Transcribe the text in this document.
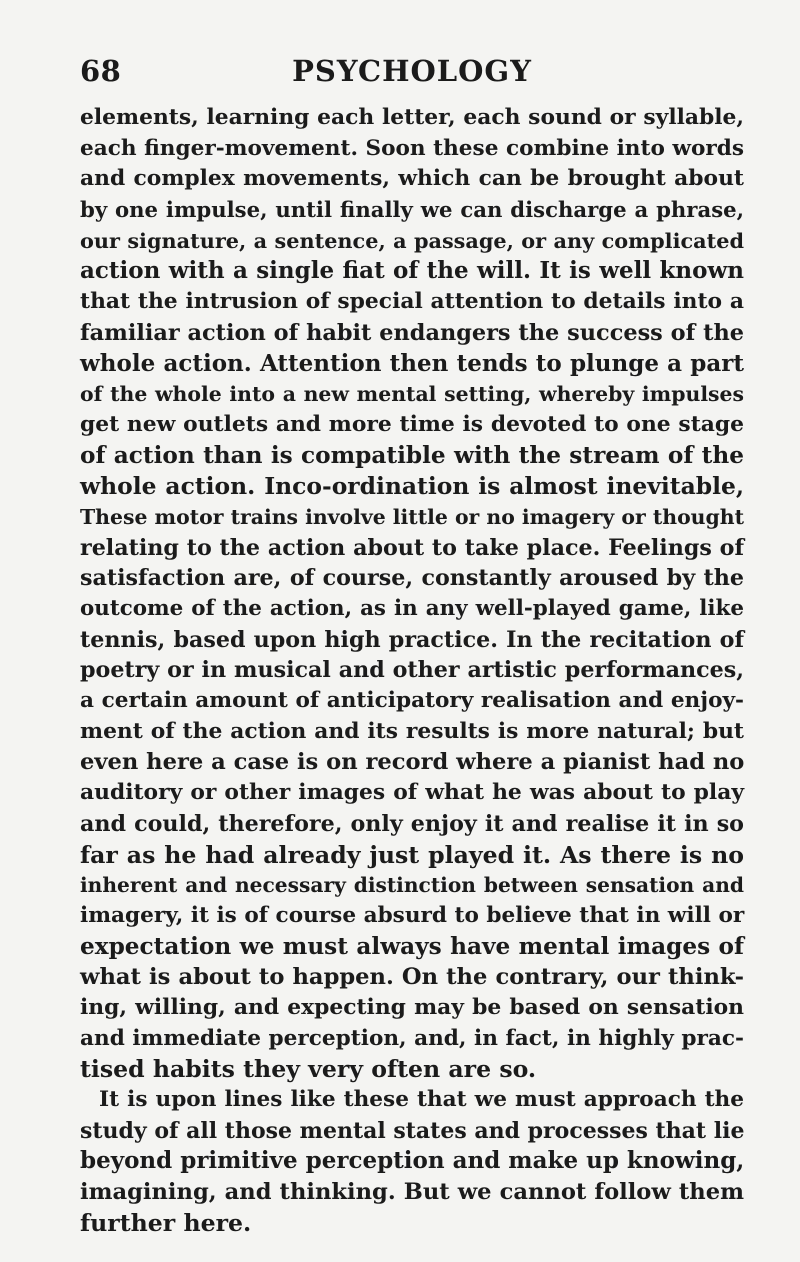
68	PSYCHOLOGY
elements, learning each letter, each sound or syllable,
each finger-movement. Soon these combine into words
and complex movements, which can be brought about
by one impulse, until finally we can discharge a phrase,
our signature, a sentence, a passage, or any complicated
action with a single fiat of the will. It is well known
that the intrusion of special attention to details into a
familiar action of habit endangers the success of the
whole action. Attention then tends to plunge a part
of the whole into a new mental setting, whereby impulses
get new outlets and more time is devoted to one stage
of action than is compatible with the stream of the
whole action. Inco-ordination is almost inevitable,
These motor trains involve little or no imagery or thought
relating to the action about to take place. Feelings of
satisfaction are, of course, constantly aroused by the
outcome of the action, as in any well-played game, like
tennis, based upon high practice. In the recitation of
poetry or in musical and other artistic performances,
a certain amount of anticipatory realisation and enjoy-
ment of the action and its results is more natural; but
even here a case is on record where a pianist had no
auditory or other images of what he was about to play
and could, therefore, only enjoy it and realise it in so
far as he had already just played it. As there is no
inherent and necessary distinction between sensation and
imagery, it is of course absurd to believe that in will or
expectation we must always have mental images of
what is about to happen. On the contrary, our think-
ing, willing, and expecting may be based on sensation
and immediate perception, and, in fact, in highly prac-
tised habits they very often are so.
It is upon lines like these that we must approach the
study of all those mental states and processes that lie
beyond primitive perception and make up knowing,
imagining, and thinking. But we cannot follow them
further here.
